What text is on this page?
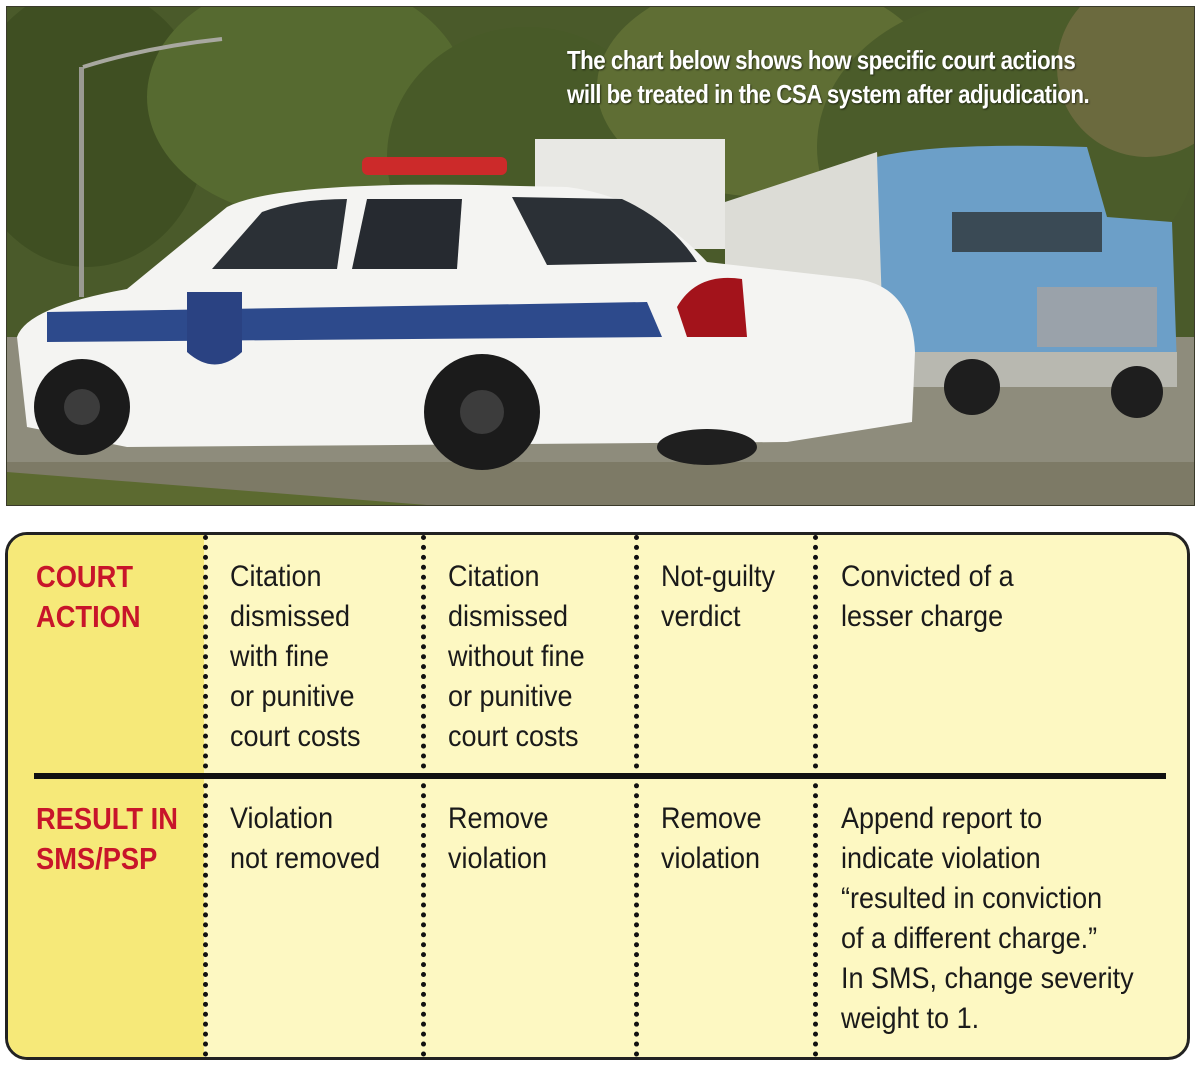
The chart below shows how specific court actions will be treated in the CSA system after adjudication.
COURT
ACTION
RESULT IN
SMS/PSP
Citation
dismissed
with fine
or punitive
court costs
Citation
dismissed
without fine
or punitive
court costs
Not-guilty
verdict
Convicted of a
lesser charge
Violation
not removed
Remove
violation
Remove
violation
Append report to
indicate violation
“resulted in conviction
of a different charge.”
In SMS, change severity
weight to 1.
